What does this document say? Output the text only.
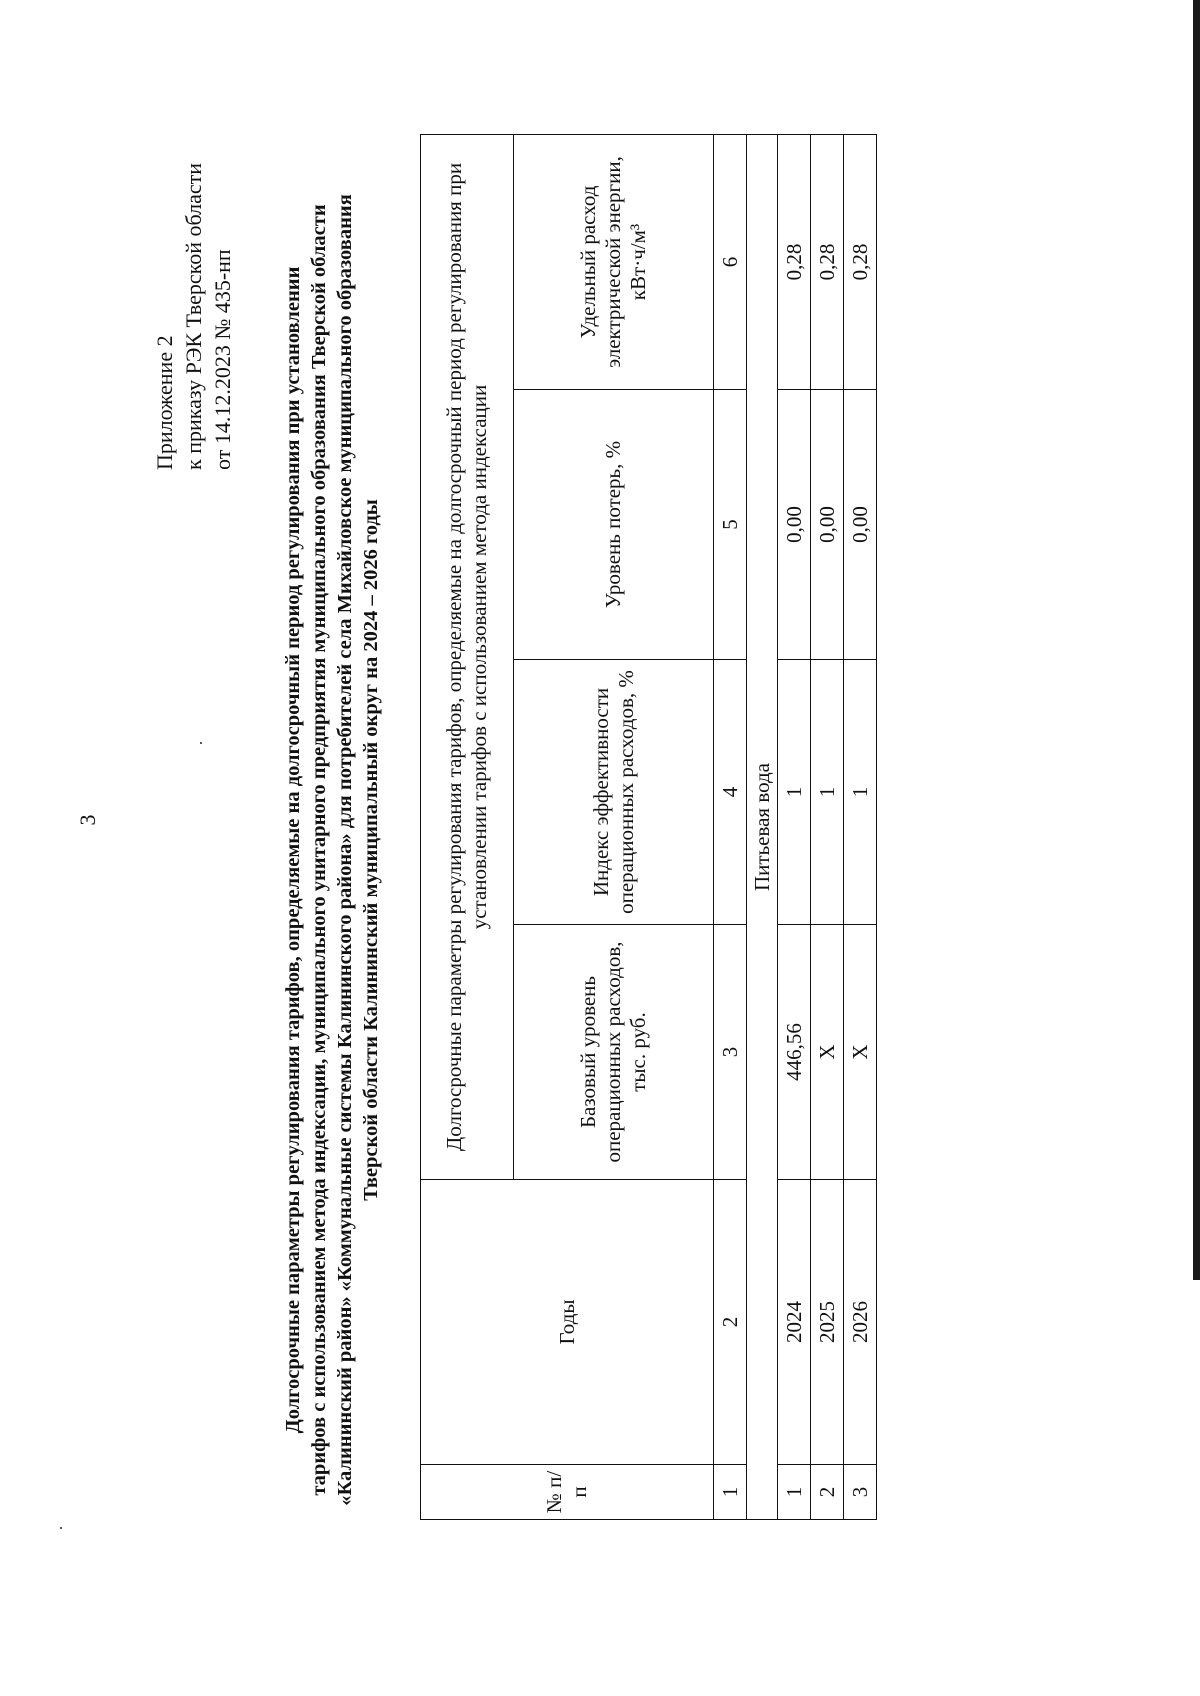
3
Приложение 2 к приказу РЭК Тверской области от 14.12.2023 № 435-нп Долгосрочные параметры регулирования тарифов, определяемые на долгосрочный период регулирования при установлении тарифов с использованием метода индексации, муниципального унитарного предприятия муниципального образования Тверской области «Калининский район» «Коммунальные системы Калининского района» для потребителей села Михайловское муниципального образования Тверской области Калининский муниципальный округ на 2024 – 2026 годы
№ п/п	Годы	Долгосрочные параметры регулирования тарифов, определяемые на долгосрочный период регулирования при установлении тарифов с использованием метода индексации			
		Базовый уровень операционных расходов, тыс. руб.	Индекс эффективности операционных расходов, %	Уровень потерь, %	Удельный расход электрической энергии, кВт·ч/м³
1	2	3	4	5	6
Питьевая вода					
1	2024	446,56	1	0,00	0,28
2	2025	X	1	0,00	0,28
3	2026	X	1	0,00	0,28
